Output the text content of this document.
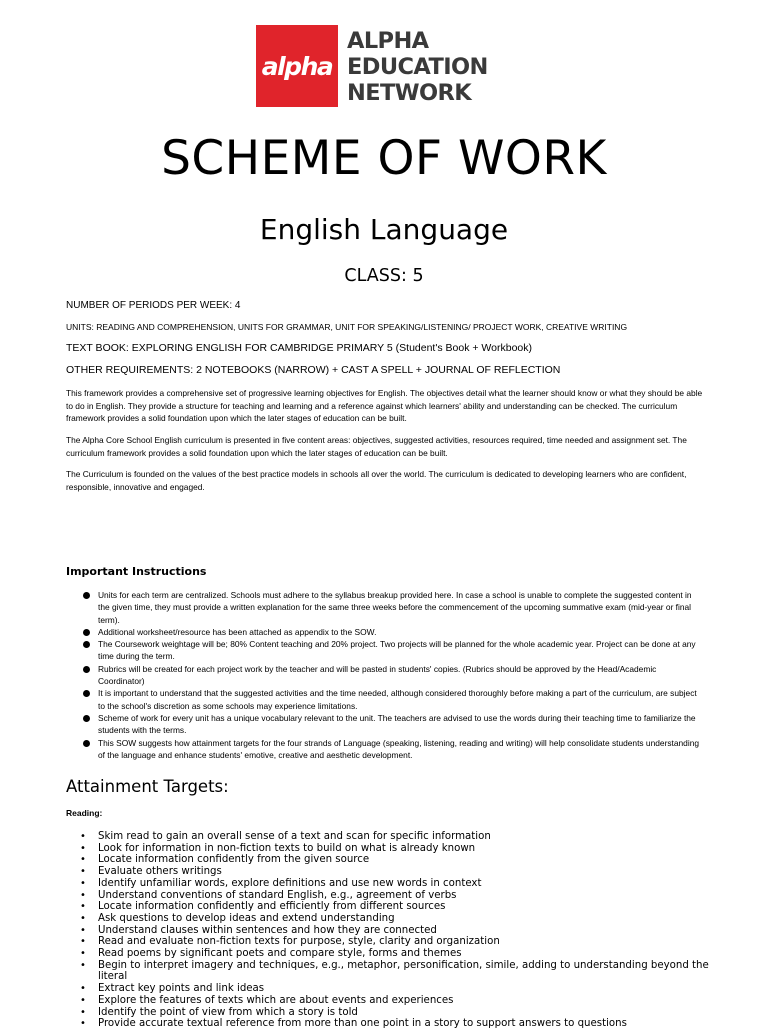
alpha
ALPHA
EDUCATION
NETWORK
SCHEME OF WORK
English Language
CLASS: 5
NUMBER OF PERIODS PER WEEK: 4
UNITS: READING AND COMPREHENSION, UNITS FOR GRAMMAR, UNIT FOR SPEAKING/LISTENING/ PROJECT WORK, CREATIVE WRITING
TEXT BOOK: EXPLORING ENGLISH FOR CAMBRIDGE PRIMARY 5 (Student's Book + Workbook)
OTHER REQUIREMENTS: 2 NOTEBOOKS (NARROW) + CAST A SPELL + JOURNAL OF REFLECTION
This framework provides a comprehensive set of progressive learning objectives for English. The objectives detail what the learner should know or what they should be able to do in English. They provide a structure for teaching and learning and a reference against which learners' ability and understanding can be checked. The curriculum framework provides a solid foundation upon which the later stages of education can be built.
The Alpha Core School English curriculum is presented in five content areas: objectives, suggested activities, resources required, time needed and assignment set. The curriculum framework provides a solid foundation upon which the later stages of education can be built.
The Curriculum is founded on the values of the best practice models in schools all over the world. The curriculum is dedicated to developing learners who are confident, responsible, innovative and engaged.
Important Instructions
Units for each term are centralized. Schools must adhere to the syllabus breakup provided here. In case a school is unable to complete the suggested content in the given time, they must provide a written explanation for the same three weeks before the commencement of the upcoming summative exam (mid-year or final term).
Additional worksheet/resource has been attached as appendix to the SOW.
The Coursework weightage will be; 80% Content teaching and 20% project. Two projects will be planned for the whole academic year. Project can be done at any time during the term.
Rubrics will be created for each project work by the teacher and will be pasted in students' copies. (Rubrics should be approved by the Head/Academic Coordinator)
It is important to understand that the suggested activities and the time needed, although considered thoroughly before making a part of the curriculum, are subject to the school's discretion as some schools may experience limitations.
Scheme of work for every unit has a unique vocabulary relevant to the unit. The teachers are advised to use the words during their teaching time to familiarize the students with the terms.
This SOW suggests how attainment targets for the four strands of Language (speaking, listening, reading and writing) will help consolidate students understanding of the language and enhance students' emotive, creative and aesthetic development.
Attainment Targets:
Reading:
• Skim read to gain an overall sense of a text and scan for specific information
• Look for information in non-fiction texts to build on what is already known
• Locate information confidently from the given source
• Evaluate others writings
• Identify unfamiliar words, explore definitions and use new words in context
• Understand conventions of standard English, e.g., agreement of verbs
• Locate information confidently and efficiently from different sources
• Ask questions to develop ideas and extend understanding
• Understand clauses within sentences and how they are connected
• Read and evaluate non-fiction texts for purpose, style, clarity and organization
• Read poems by significant poets and compare style, forms and themes
• Begin to interpret imagery and techniques, e.g., metaphor, personification, simile, adding to understanding beyond the literal
• Extract key points and link ideas
• Explore the features of texts which are about events and experiences
• Identify the point of view from which a story is told
• Provide accurate textual reference from more than one point in a story to support answers to questions
